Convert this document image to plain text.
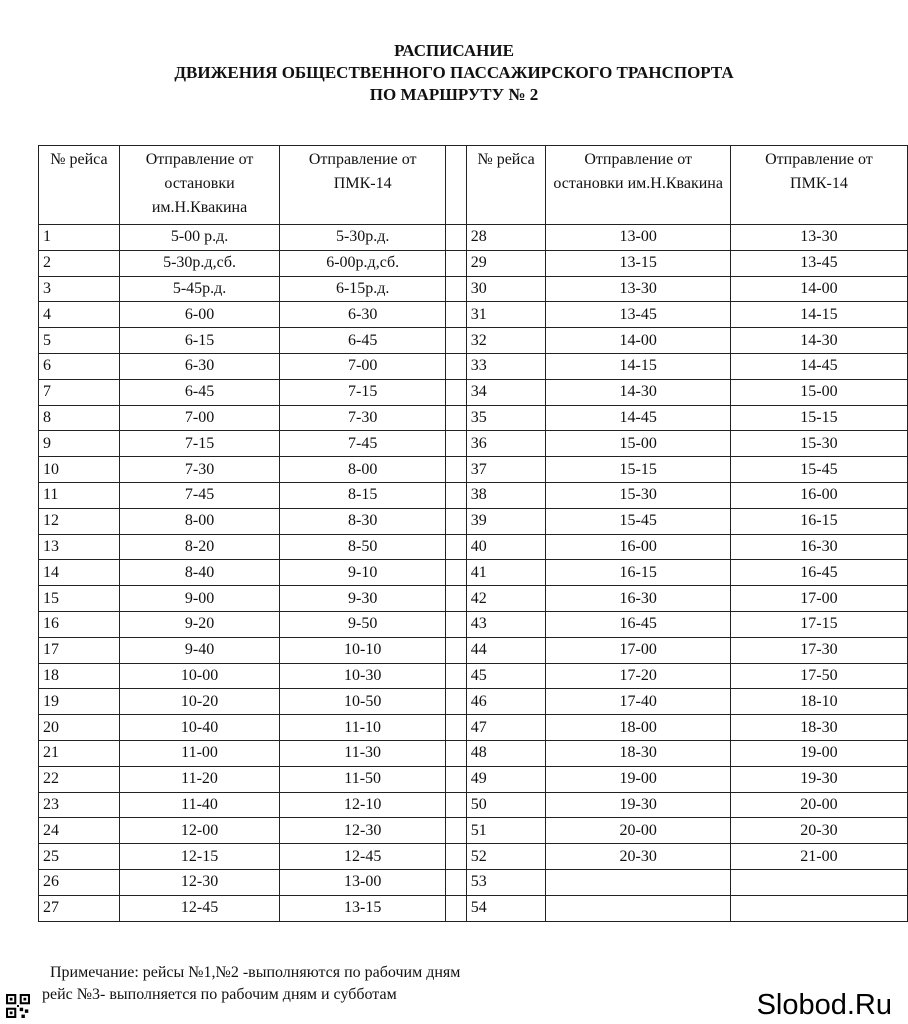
РАСПИСАНИЕ
ДВИЖЕНИЯ ОБЩЕСТВЕННОГО ПАССАЖИРСКОГО ТРАНСПОРТА
ПО МАРШРУТУ № 2
№ рейса	Отправление от остановки им.Н.Квакина	Отправление от ПМК-14		№ рейса	Отправление от остановки им.Н.Квакина	Отправление от ПМК-14
1	5-00 р.д.	5-30р.д.		28	13-00	13-30
2	5-30р.д,сб.	6-00р.д,сб.		29	13-15	13-45
3	5-45р.д.	6-15р.д.		30	13-30	14-00
4	6-00	6-30		31	13-45	14-15
5	6-15	6-45		32	14-00	14-30
6	6-30	7-00		33	14-15	14-45
7	6-45	7-15		34	14-30	15-00
8	7-00	7-30		35	14-45	15-15
9	7-15	7-45		36	15-00	15-30
10	7-30	8-00		37	15-15	15-45
11	7-45	8-15		38	15-30	16-00
12	8-00	8-30		39	15-45	16-15
13	8-20	8-50		40	16-00	16-30
14	8-40	9-10		41	16-15	16-45
15	9-00	9-30		42	16-30	17-00
16	9-20	9-50		43	16-45	17-15
17	9-40	10-10		44	17-00	17-30
18	10-00	10-30		45	17-20	17-50
19	10-20	10-50		46	17-40	18-10
20	10-40	11-10		47	18-00	18-30
21	11-00	11-30		48	18-30	19-00
22	11-20	11-50		49	19-00	19-30
23	11-40	12-10		50	19-30	20-00
24	12-00	12-30		51	20-00	20-30
25	12-15	12-45		52	20-30	21-00
26	12-30	13-00		53		
27	12-45	13-15		54		
Примечание: рейсы №1,№2 -выполняются по рабочим дням
рейс №3- выполняется по рабочим дням и субботам	Slobod.Ru
